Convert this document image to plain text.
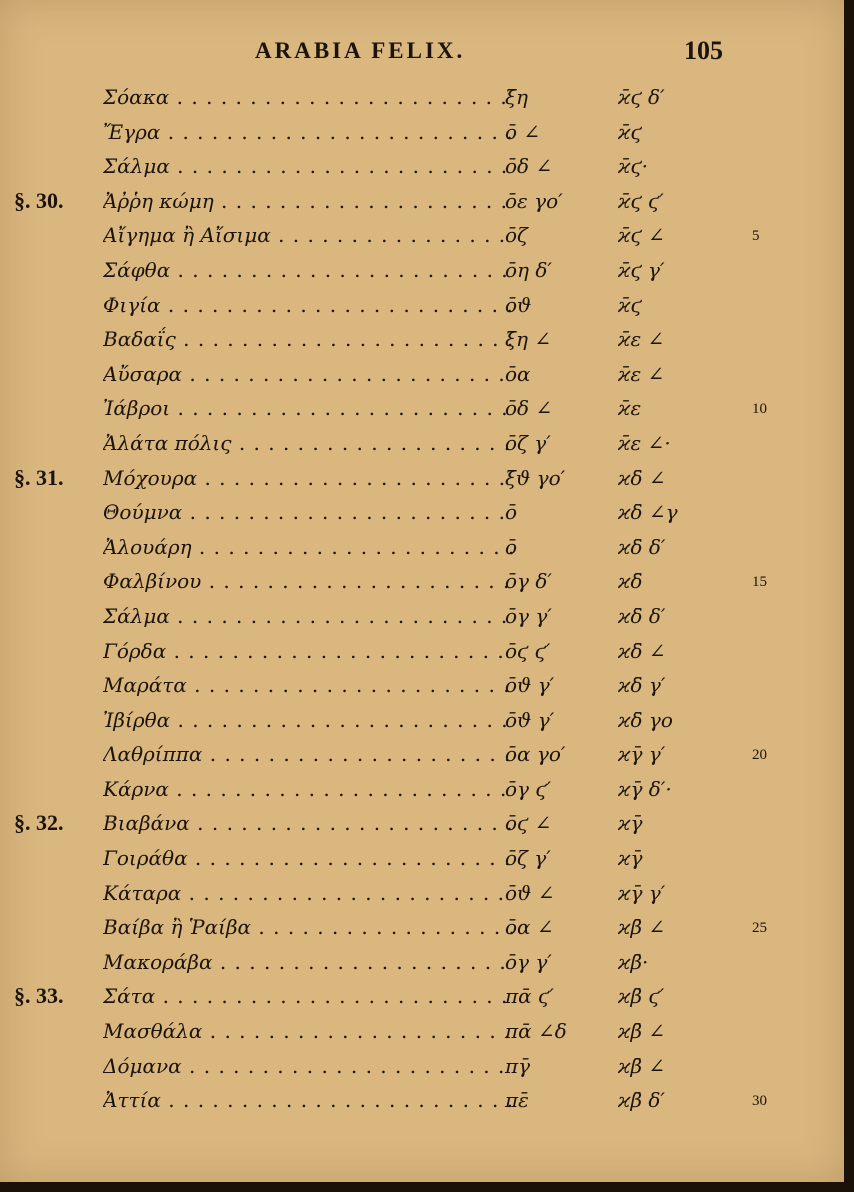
ARABIA FELIX.	105
Σόακα . . .	ξ̄η	ϰ̄ϛ δ′
Ἔγρα . . .	ο̄ ∠	ϰ̄ϛ
Σάλμα . . .	ο̄δ ∠	ϰ̄ϛ·
§. 30. Ἀῤῥη κώμη . . .	ο̄ε γο′	ϰ̄ϛ ϛ′
Αἴγημα ἢ Αἴσιμα . . .	ο̄ζ	ϰ̄ϛ ∠	5
Σάφθα . . .	ο̄η δ′	ϰ̄ϛ γ′
Φιγία . . .	ο̄ϑ	ϰ̄ϛ
Βαδαΐς . . .	ξ̄η ∠	ϰ̄ε ∠
Αὔσαρα . . .	ο̄α	ϰ̄ε ∠
Ἰάβροι . . .	ο̄δ ∠	ϰ̄ε	10
Ἀλάτα πόλις . . .	ο̄ζ γ′	ϰ̄ε ∠·
§. 31. Μόχουρα . . .	ξ̄ϑ γο′	ϰδ̄ ∠
Θούμνα . . .	ο̄	ϰδ̄ ∠γ
Ἀλουάρη . . .	ο̄	ϰδ̄ δ′
Φαλβίνου . . .	ο̄γ δ′	ϰδ̄	15
Σάλμα . . .	ο̄γ γ′	ϰδ̄ δ′
Γόρδα . . .	ο̄ϛ ϛ′	ϰδ̄ ∠
Μαράτα . . .	ο̄ϑ γ′	ϰδ̄ γ′
Ἰβίρθα . . .	ο̄ϑ γ′	ϰδ̄ γο
Λαθρίππα . . .	ο̄α γο′	ϰγ̄ γ′	20
Κάρνα . . .	ο̄γ ϛ′	ϰγ̄ δ′·
§. 32. Βιαβάνα . . .	ο̄ϛ ∠	ϰγ̄
Γοιράθα . . .	ο̄ζ γ′	ϰγ̄
Κάταρα . . .	ο̄ϑ ∠	ϰγ̄ γ′
Βαίβα ἢ Ῥαίβα . . .	ο̄α ∠	ϰβ̄ ∠	25
Μακοράβα . . .	ο̄γ γ′	ϰβ̄·
§. 33. Σάτα . . .	πᾱ ϛ′	ϰβ̄ ϛ′
Μασθάλα . . .	πᾱ ∠δ	ϰβ̄ ∠
Δόμανα . . .	πγ̄	ϰβ̄ ∠
Ἀττία . . .	πε̄	ϰβ̄ δ′	30
